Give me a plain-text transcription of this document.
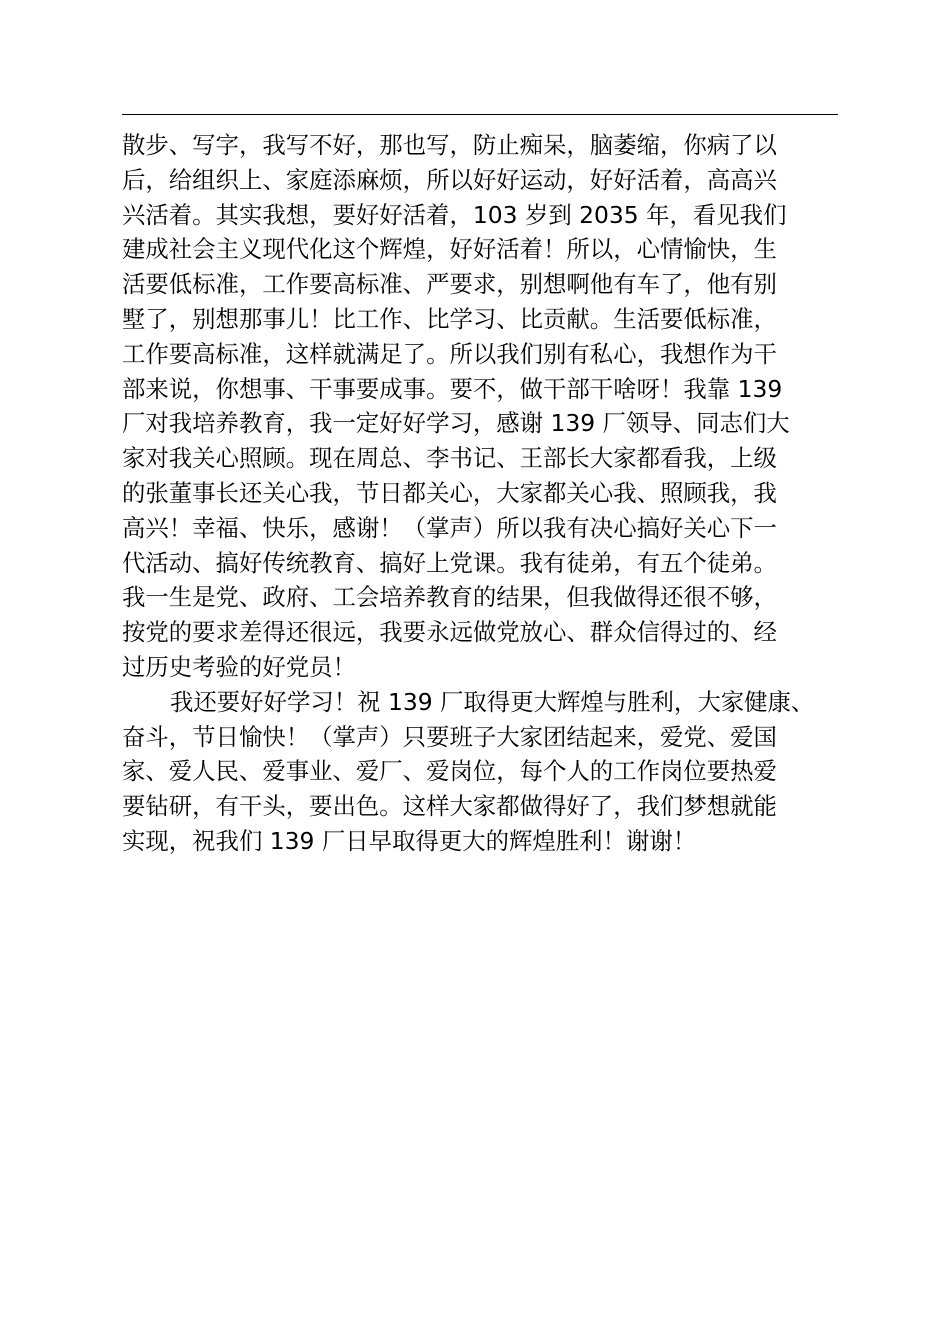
散步、写字，我写不好，那也写，防止痴呆，脑萎缩，你病了以
后，给组织上、家庭添麻烦，所以好好运动，好好活着，高高兴
兴活着。其实我想，要好好活着，103 岁到 2035 年，看见我们
建成社会主义现代化这个辉煌，好好活着！所以，心情愉快，生
活要低标准，工作要高标准、严要求，别想啊他有车了，他有别
墅了，别想那事儿！比工作、比学习、比贡献。生活要低标准，
工作要高标准，这样就满足了。所以我们别有私心，我想作为干
部来说，你想事、干事要成事。要不，做干部干啥呀！我靠 139
厂对我培养教育，我一定好好学习，感谢 139 厂领导、同志们大
家对我关心照顾。现在周总、李书记、王部长大家都看我，上级
的张董事长还关心我，节日都关心，大家都关心我、照顾我，我
高兴！幸福、快乐，感谢！（掌声）所以我有决心搞好关心下一
代活动、搞好传统教育、搞好上党课。我有徒弟，有五个徒弟。
我一生是党、政府、工会培养教育的结果，但我做得还很不够，
按党的要求差得还很远，我要永远做党放心、群众信得过的、经
过历史考验的好党员！

我还要好好学习！祝 139 厂取得更大辉煌与胜利，大家健康、
奋斗，节日愉快！（掌声）只要班子大家团结起来，爱党、爱国
家、爱人民、爱事业、爱厂、爱岗位，每个人的工作岗位要热爱
要钻研，有干头，要出色。这样大家都做得好了，我们梦想就能
实现，祝我们 139 厂日早取得更大的辉煌胜利！谢谢！
